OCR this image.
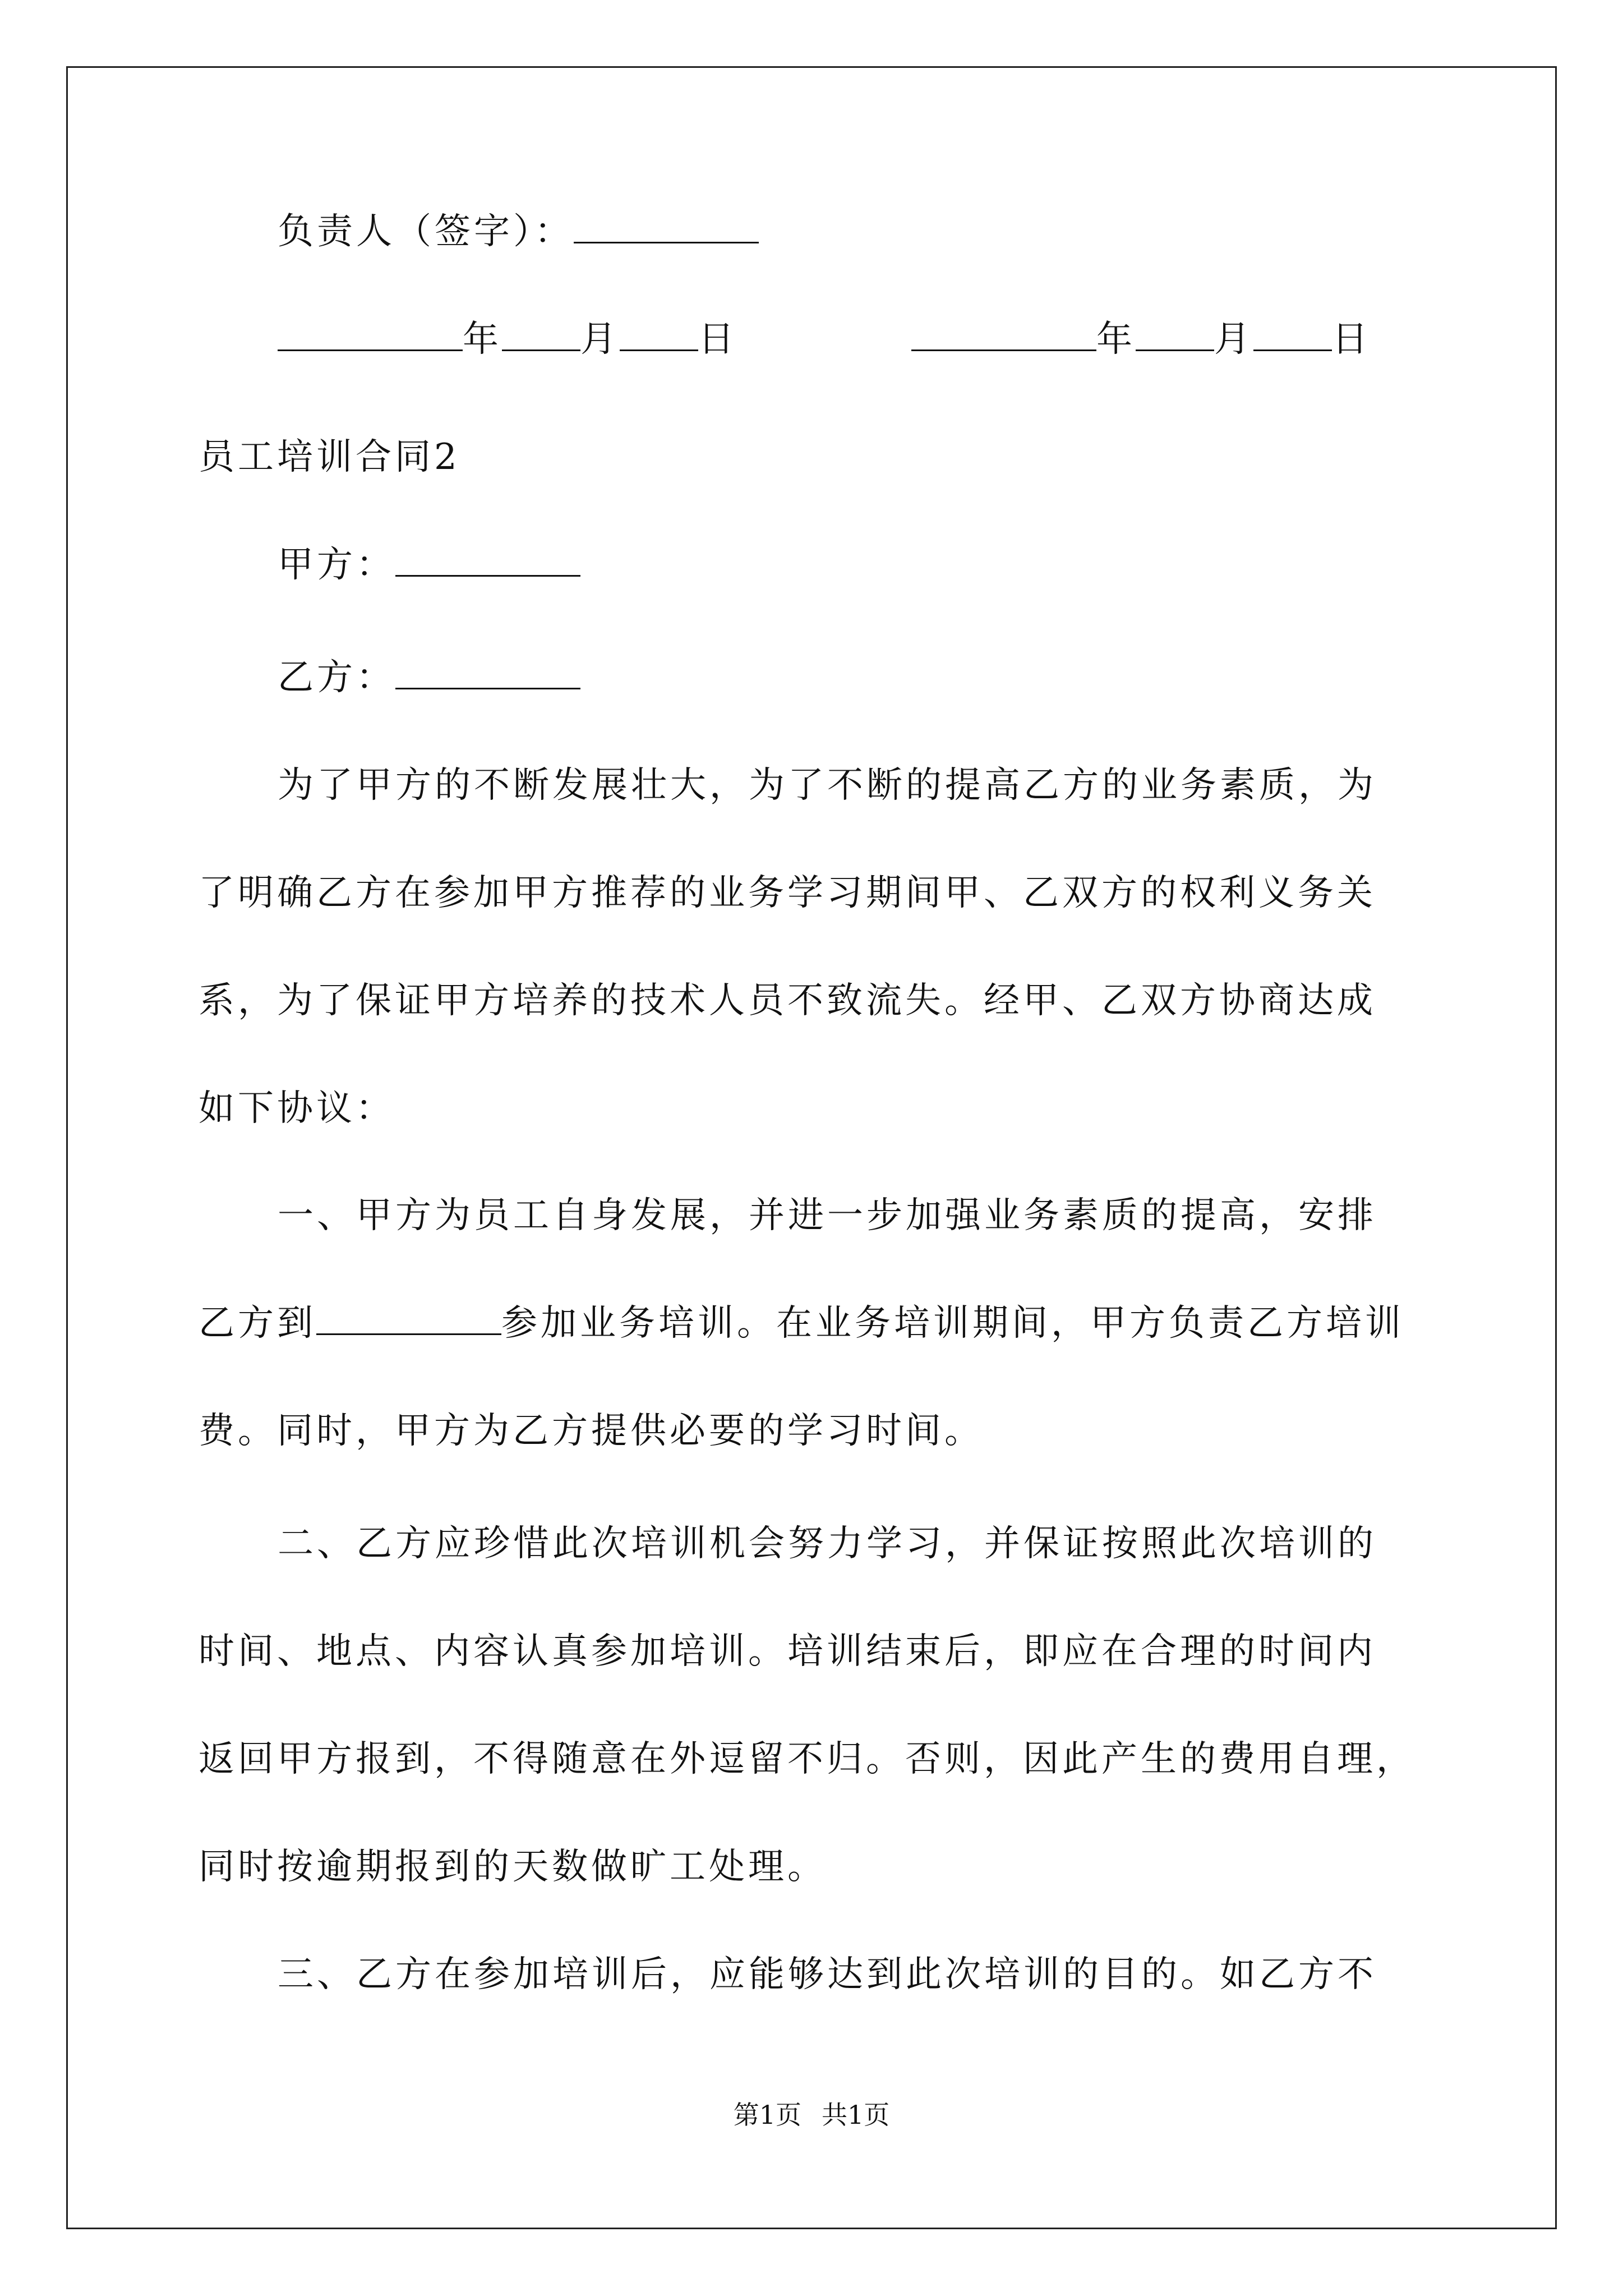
负责人（签字）：
年 月 日	年 月 日
员工培训合同2
甲方：
乙方：
为了甲方的不断发展壮大，为了不断的提高乙方的业务素质，为
了明确乙方在参加甲方推荐的业务学习期间甲、乙双方的权利义务关
系，为了保证甲方培养的技术人员不致流失。经甲、乙双方协商达成
如下协议：
一、甲方为员工自身发展，并进一步加强业务素质的提高，安排
乙方到	参加业务培训。在业务培训期间，甲方负责乙方培训
费。同时，甲方为乙方提供必要的学习时间。
二、乙方应珍惜此次培训机会努力学习，并保证按照此次培训的
时间、地点、内容认真参加培训。培训结束后，即应在合理的时间内
返回甲方报到，不得随意在外逗留不归。否则，因此产生的费用自理，
同时按逾期报到的天数做旷工处理。
三、乙方在参加培训后，应能够达到此次培训的目的。如乙方不
第1页 共1页
